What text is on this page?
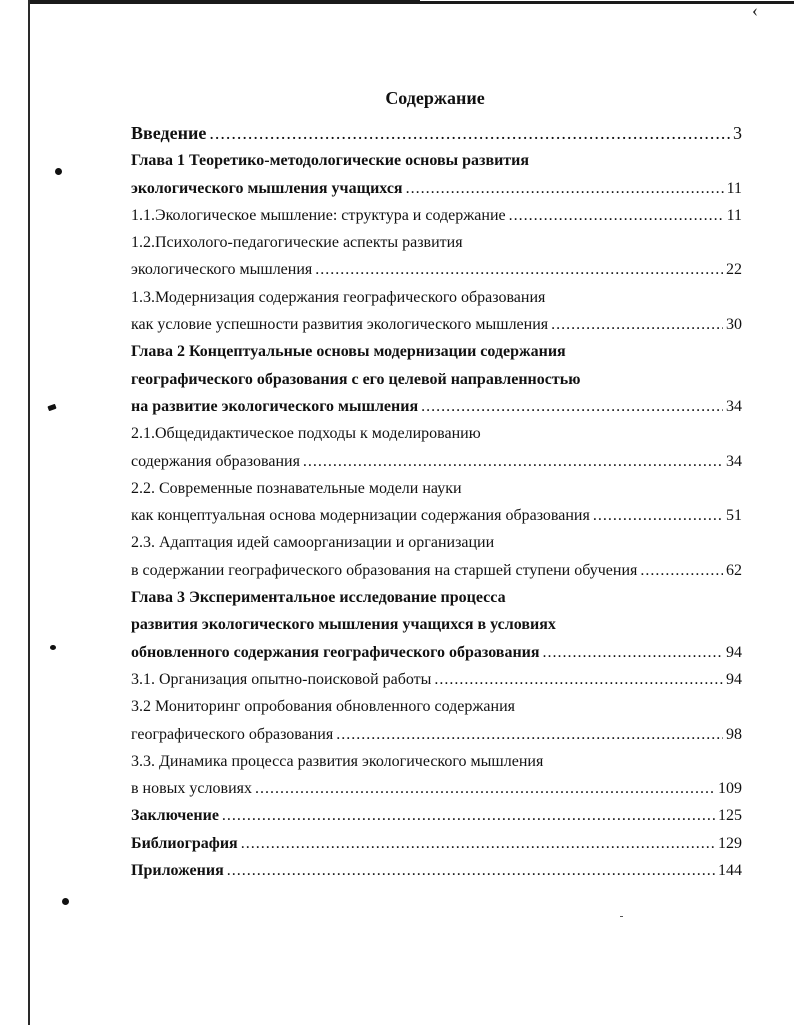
‹
Содержание
Введение .....	3
Глава 1 Теоретико-методологические основы развития
экологического мышления учащихся .....	11
1.1.Экологическое мышление: структура и содержание .....	11
1.2.Психолого-педагогические аспекты развития
экологического мышления .....	22
1.3.Модернизация содержания географического образования
как условие успешности развития экологического мышления .....	30
Глава 2 Концептуальные основы модернизации содержания
географического образования с его целевой направленностью
на развитие экологического мышления .....	34
2.1.Общедидактическое подходы к моделированию
содержания образования .....	34
2.2. Современные познавательные модели науки
как концептуальная основа модернизации содержания образования .....	51
2.3. Адаптация идей самоорганизации и организации
в содержании географического образования на старшей ступени обучения .....	62
Глава 3 Экспериментальное исследование процесса
развития экологического мышления учащихся в условиях
обновленного содержания географического образования .....	94
3.1. Организация опытно-поисковой работы .....	94
3.2 Мониторинг опробования обновленного содержания
географического образования .....	98
3.3. Динамика процесса развития экологического мышления
в новых условиях .....	109
Заключение .....	125
Библиография .....	129
Приложения .....	144
